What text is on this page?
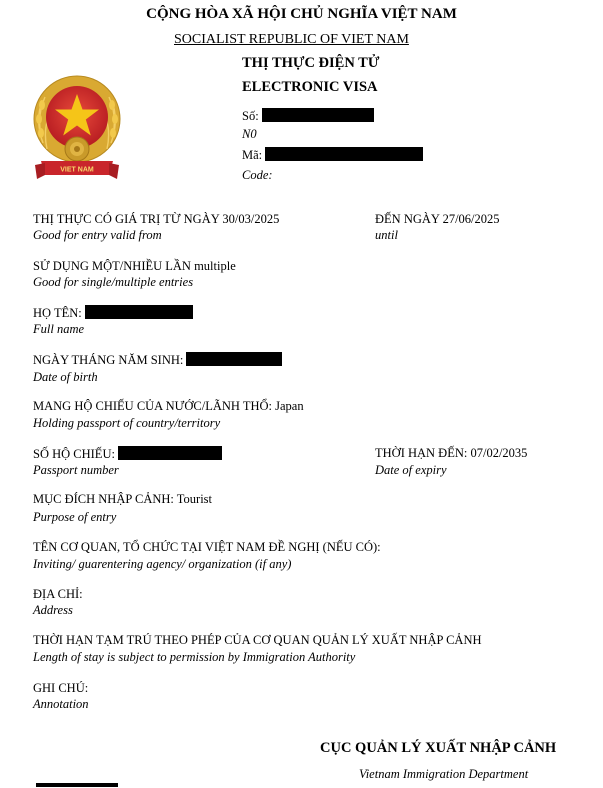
CỘNG HÒA XÃ HỘI CHỦ NGHĨA VIỆT NAM
SOCIALIST REPUBLIC OF VIET NAM
THỊ THỰC ĐIỆN TỬ
ELECTRONIC VISA
Số:
N0
Mã:
Code:
VIET NAM
THỊ THỰC CÓ GIÁ TRỊ TỪ NGÀY 30/03/2025
Good for entry valid from
ĐẾN NGÀY 27/06/2025
until
SỬ DỤNG MỘT/NHIỀU LẦN multiple
Good for single/multiple entries
HỌ TÊN:
Full name
NGÀY THÁNG NĂM SINH:
Date of birth
MANG HỘ CHIẾU CỦA NƯỚC/LÃNH THỔ: Japan
Holding passport of country/territory
SỐ HỘ CHIẾU:
Passport number
THỜI HẠN ĐẾN: 07/02/2035
Date of expiry
MỤC ĐÍCH NHẬP CẢNH: Tourist
Purpose of entry
TÊN CƠ QUAN, TỔ CHỨC TẠI VIỆT NAM ĐỀ NGHỊ (NẾU CÓ):
Inviting/ guarentering agency/ organization (if any)
ĐỊA CHỈ:
Address
THỜI HẠN TẠM TRÚ THEO PHÉP CỦA CƠ QUAN QUẢN LÝ XUẤT NHẬP CẢNH
Length of stay is subject to permission by Immigration Authority
GHI CHÚ:
Annotation
CỤC QUẢN LÝ XUẤT NHẬP CẢNH
Vietnam Immigration Department
